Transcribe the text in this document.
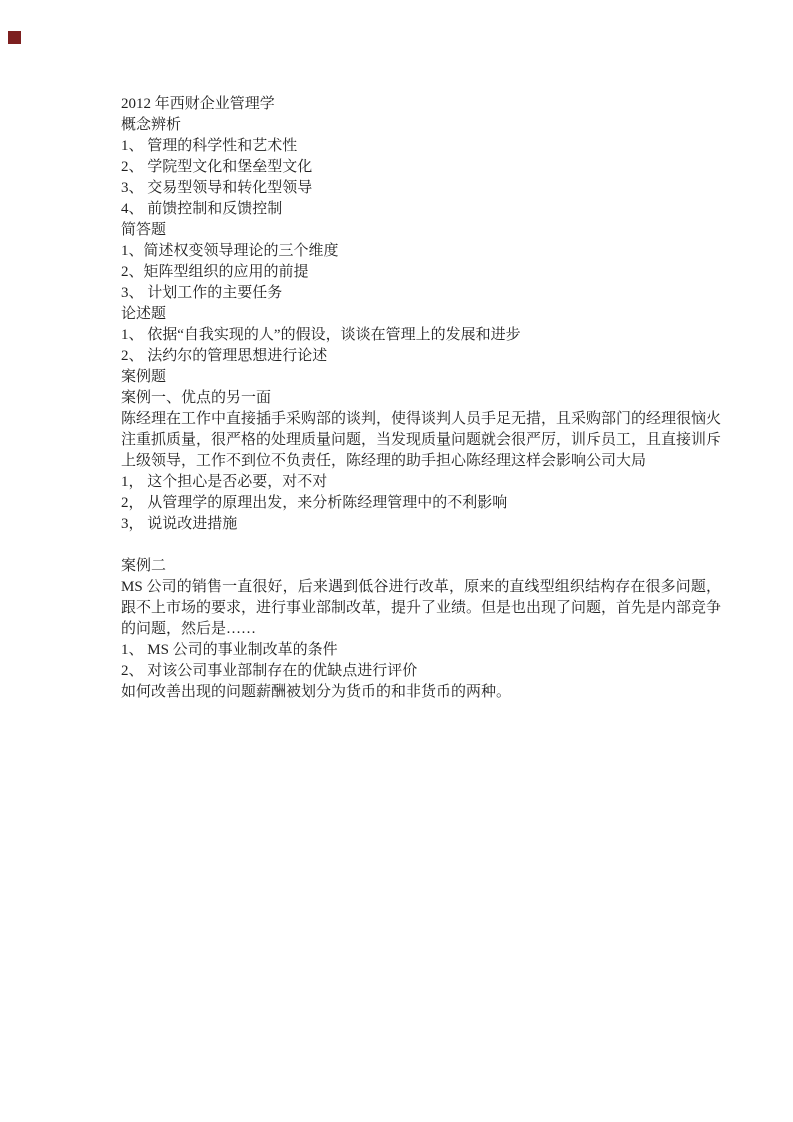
2012 年西财企业管理学
概念辨析
1、 管理的科学性和艺术性
2、 学院型文化和堡垒型文化
3、 交易型领导和转化型领导
4、 前馈控制和反馈控制
简答题
1、简述权变领导理论的三个维度
2、矩阵型组织的应用的前提
3、 计划工作的主要任务
论述题
1、 依据“自我实现的人”的假设，谈谈在管理上的发展和进步
2、 法约尔的管理思想进行论述
案例题
案例一、优点的另一面
陈经理在工作中直接插手采购部的谈判，使得谈判人员手足无措，且采购部门的经理很恼火
注重抓质量，很严格的处理质量问题，当发现质量问题就会很严厉，训斥员工，且直接训斥
上级领导，工作不到位不负责任，陈经理的助手担心陈经理这样会影响公司大局
1， 这个担心是否必要，对不对
2， 从管理学的原理出发，来分析陈经理管理中的不利影响
3， 说说改进措施
案例二
MS 公司的销售一直很好，后来遇到低谷进行改革，原来的直线型组织结构存在很多问题，
跟不上市场的要求，进行事业部制改革，提升了业绩。但是也出现了问题，首先是内部竞争
的问题，然后是……
1、 MS 公司的事业制改革的条件
2、 对该公司事业部制存在的优缺点进行评价
如何改善出现的问题薪酬被划分为货币的和非货币的两种。
